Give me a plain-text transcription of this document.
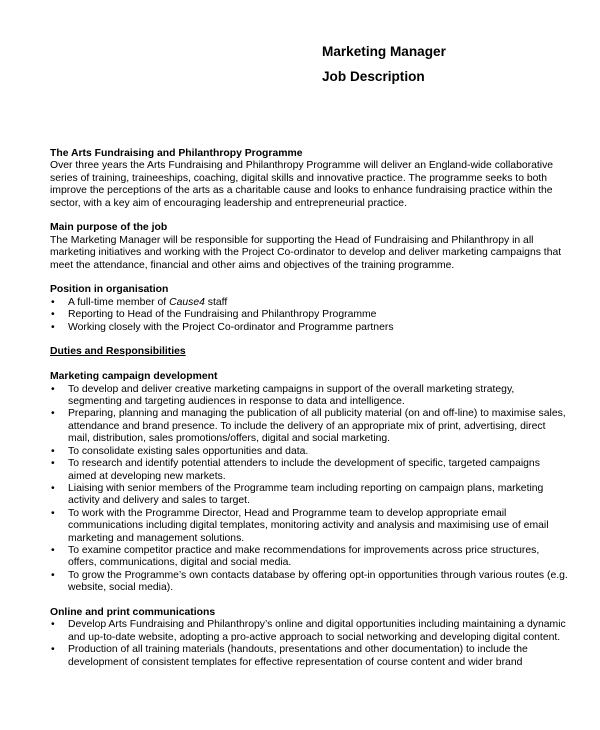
Marketing Manager
Job Description

The Arts Fundraising and Philanthropy Programme

Over three years the Arts Fundraising and Philanthropy Programme will deliver an England-wide collaborative series of training, traineeships, coaching, digital skills and innovative practice. The programme seeks to both improve the perceptions of the arts as a charitable cause and looks to enhance fundraising practice within the sector, with a key aim of encouraging leadership and entrepreneurial practice.

Main purpose of the job

The Marketing Manager will be responsible for supporting the Head of Fundraising and Philanthropy in all marketing initiatives and working with the Project Co-ordinator to develop and deliver marketing campaigns that meet the attendance, financial and other aims and objectives of the training programme.

Position in organisation

• A full-time member of Cause4 staff
• Reporting to Head of the Fundraising and Philanthropy Programme
• Working closely with the Project Co-ordinator and Programme partners

Duties and Responsibilities

Marketing campaign development

• To develop and deliver creative marketing campaigns in support of the overall marketing strategy, segmenting and targeting audiences in response to data and intelligence.
• Preparing, planning and managing the publication of all publicity material (on and off-line) to maximise sales, attendance and brand presence. To include the delivery of an appropriate mix of print, advertising, direct mail, distribution, sales promotions/offers, digital and social marketing.
• To consolidate existing sales opportunities and data.
• To research and identify potential attenders to include the development of specific, targeted campaigns aimed at developing new markets.
• Liaising with senior members of the Programme team including reporting on campaign plans, marketing activity and delivery and sales to target.
• To work with the Programme Director, Head and Programme team to develop appropriate email communications including digital templates, monitoring activity and analysis and maximising use of email marketing and management solutions.
• To examine competitor practice and make recommendations for improvements across price structures, offers, communications, digital and social media.
• To grow the Programme’s own contacts database by offering opt-in opportunities through various routes (e.g. website, social media).

Online and print communications

• Develop Arts Fundraising and Philanthropy’s online and digital opportunities including maintaining a dynamic and up-to-date website, adopting a pro-active approach to social networking and developing digital content.
• Production of all training materials (handouts, presentations and other documentation) to include the development of consistent templates for effective representation of course content and wider brand
